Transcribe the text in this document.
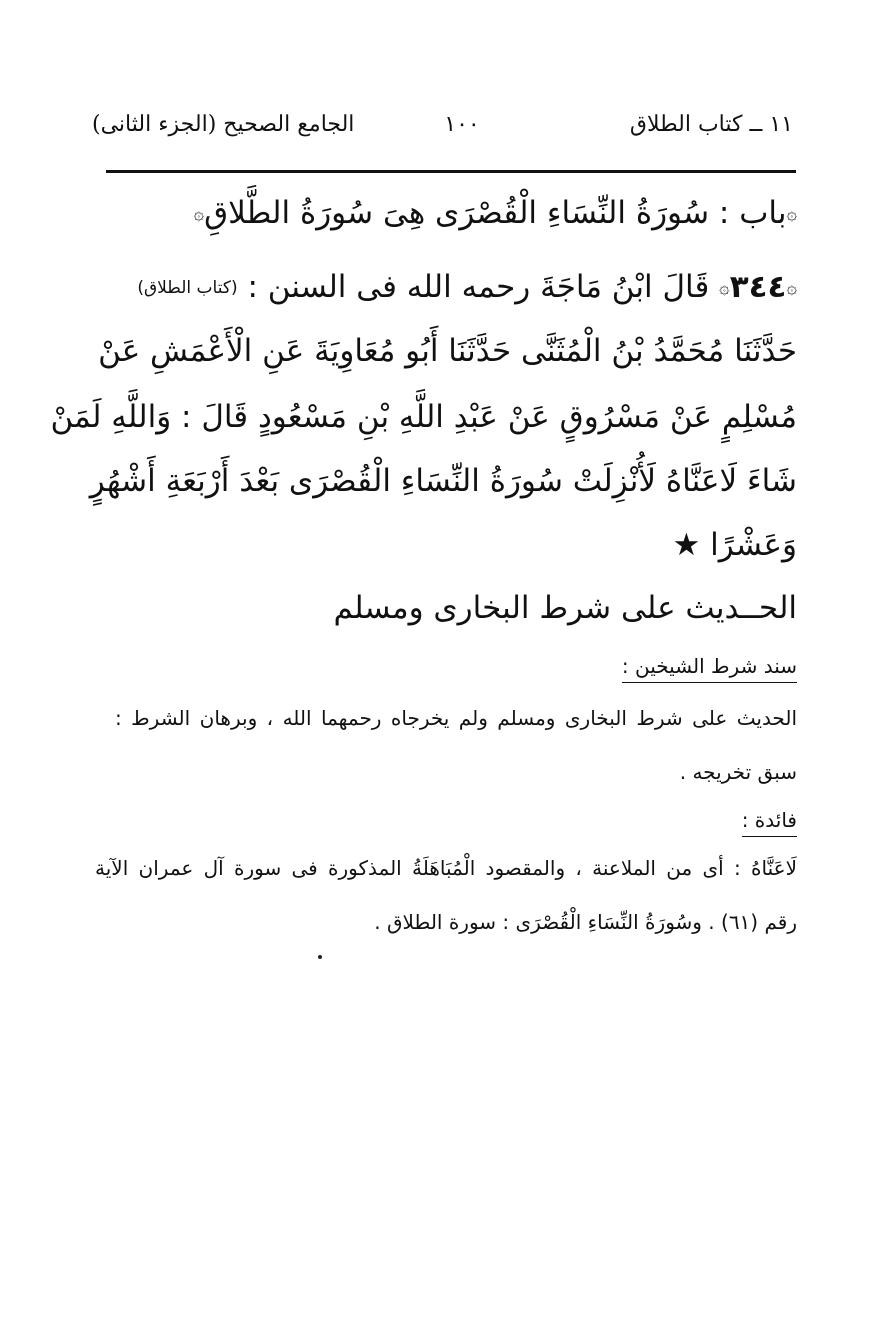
١١ ــ كتاب الطلاق
١٠٠
الجامع الصحيح (الجزء الثانى)
۞باب : سُورَةُ النِّسَاءِ الْقُصْرَى هِىَ سُورَةُ الطَّلاقِ۞
۞٣٤٤۞ قَالَ ابْنُ مَاجَةَ رحمه الله فى السنن : (كتاب الطلاق)
حَدَّثَنَا مُحَمَّدُ بْنُ الْمُثَنَّى حَدَّثَنَا أَبُو مُعَاوِيَةَ عَنِ الْأَعْمَشِ عَنْ
مُسْلِمٍ عَنْ مَسْرُوقٍ عَنْ عَبْدِ اللَّهِ بْنِ مَسْعُودٍ قَالَ : وَاللَّهِ لَمَنْ
شَاءَ لَاعَنَّاهُ لَأُنْزِلَتْ سُورَةُ النِّسَاءِ الْقُصْرَى بَعْدَ أَرْبَعَةِ أَشْهُرٍ
وَعَشْرًا ★
الحــديث على شرط البخارى ومسلم
سند شرط الشيخين :
الحديث على شرط البخارى ومسلم ولم يخرجاه رحمهما الله ، وبرهان الشرط :
سبق تخريجه .
فائدة :
لَاعَنَّاهُ : أى من الملاعنة ، والمقصود الْمُبَاهَلَةُ المذكورة فى سورة آل عمران الآية
رقم (٦١) . وسُورَةُ النِّسَاءِ الْقُصْرَى : سورة الطلاق .
